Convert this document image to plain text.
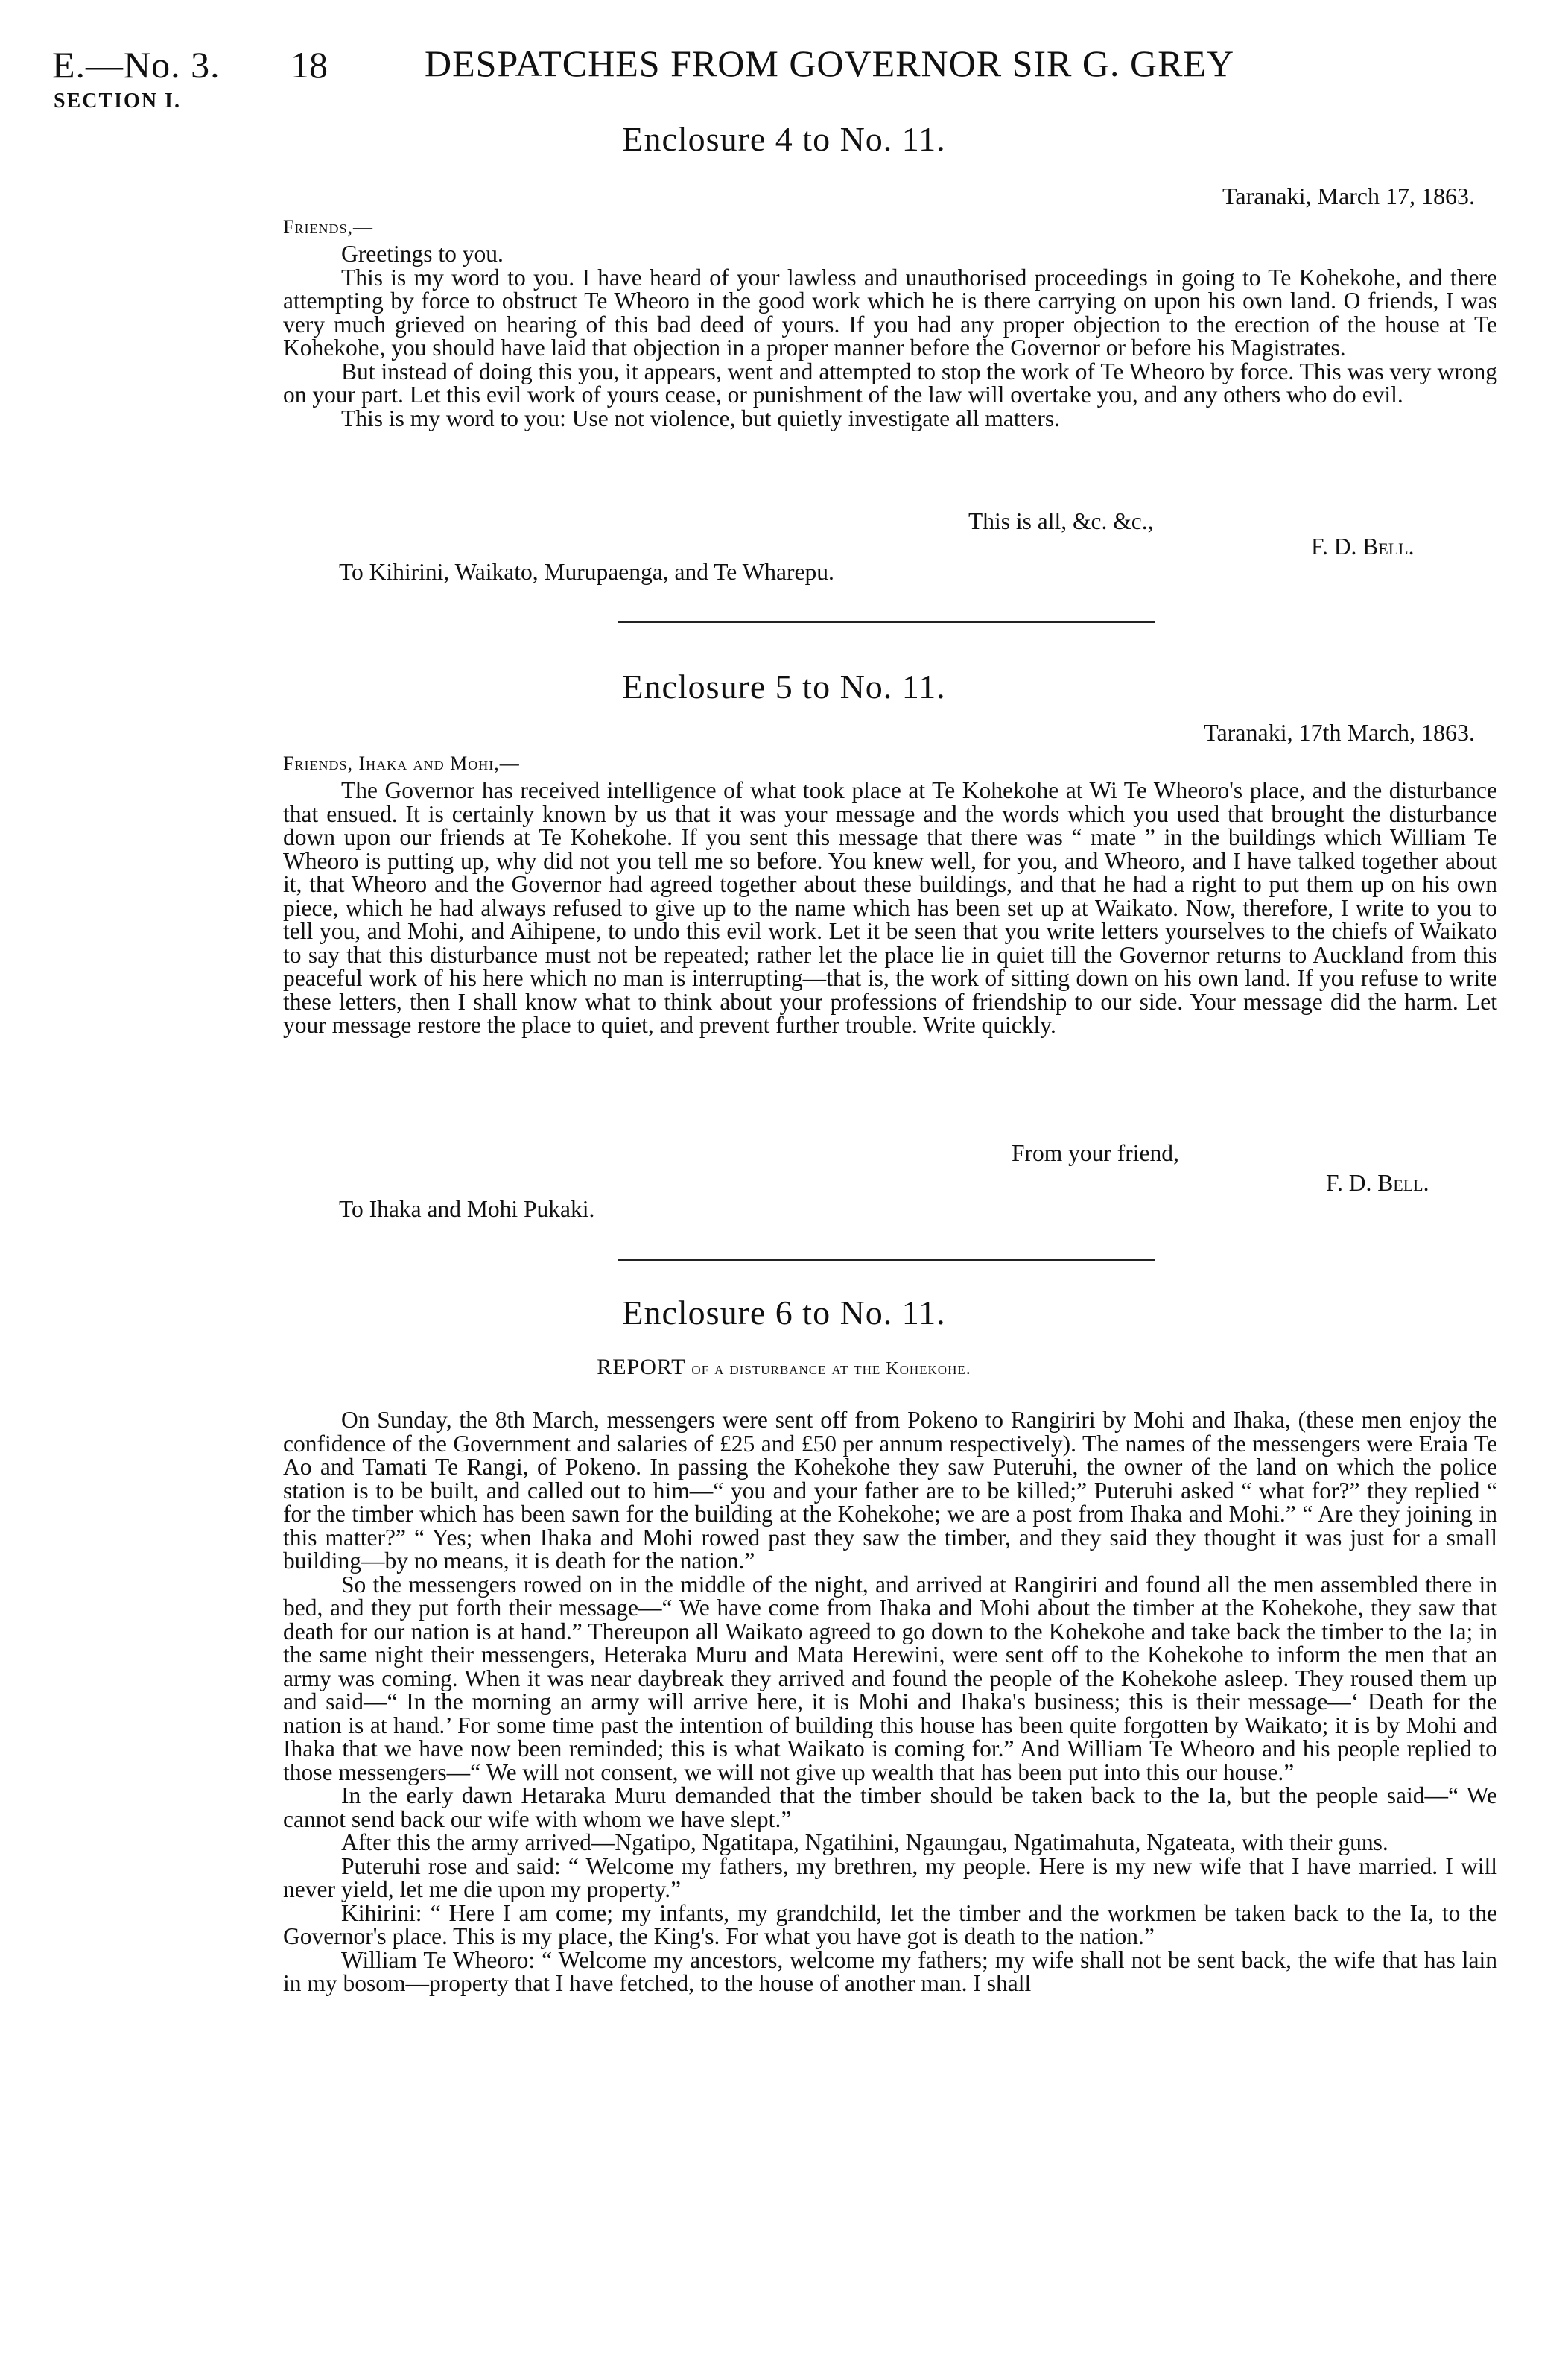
E.—No. 3.
SECTION I.
18	DESPATCHES FROM GOVERNOR SIR G. GREY
Enclosure 4 to No. 11.
Taranaki, March 17, 1863.
Friends,—

Greetings to you.

This is my word to you. I have heard of your lawless and unauthorised proceedings in going to Te Kohekohe, and there attempting by force to obstruct Te Wheoro in the good work which he is there carrying on upon his own land. O friends, I was very much grieved on hearing of this bad deed of yours. If you had any proper objection to the erection of the house at Te Kohekohe, you should have laid that objection in a proper manner before the Governor or before his Magistrates.

But instead of doing this you, it appears, went and attempted to stop the work of Te Wheoro by force. This was very wrong on your part. Let this evil work of yours cease, or punishment of the law will overtake you, and any others who do evil.

This is my word to you: Use not violence, but quietly investigate all matters.

This is all, &c. &c.,
F. D. Bell.
To Kihirini, Waikato, Murupaenga, and Te Wharepu.
Enclosure 5 to No. 11.
Taranaki, 17th March, 1863.
Friends, Ihaka and Mohi,—

The Governor has received intelligence of what took place at Te Kohekohe at Wi Te Wheoro's place, and the disturbance that ensued. It is certainly known by us that it was your message and the words which you used that brought the disturbance down upon our friends at Te Kohekohe. If you sent this message that there was “ mate ” in the buildings which William Te Wheoro is putting up, why did not you tell me so before. You knew well, for you, and Wheoro, and I have talked together about it, that Wheoro and the Governor had agreed together about these buildings, and that he had a right to put them up on his own piece, which he had always refused to give up to the name which has been set up at Waikato. Now, therefore, I write to you to tell you, and Mohi, and Aihipene, to undo this evil work. Let it be seen that you write letters yourselves to the chiefs of Waikato to say that this disturbance must not be repeated; rather let the place lie in quiet till the Governor returns to Auckland from this peaceful work of his here which no man is interrupting—that is, the work of sitting down on his own land. If you refuse to write these letters, then I shall know what to think about your professions of friendship to our side. Your message did the harm. Let your message restore the place to quiet, and prevent further trouble. Write quickly.

From your friend,
F. D. Bell.
To Ihaka and Mohi Pukaki.
Enclosure 6 to No. 11.
REPORT of a disturbance at the Kohekohe.

On Sunday, the 8th March, messengers were sent off from Pokeno to Rangiriri by Mohi and Ihaka, (these men enjoy the confidence of the Government and salaries of £25 and £50 per annum respectively). The names of the messengers were Eraia Te Ao and Tamati Te Rangi, of Pokeno. In passing the Kohekohe they saw Puteruhi, the owner of the land on which the police station is to be built, and called out to him—“ you and your father are to be killed;” Puteruhi asked “ what for?” they replied “ for the timber which has been sawn for the building at the Kohekohe; we are a post from Ihaka and Mohi.” “ Are they joining in this matter?” “ Yes; when Ihaka and Mohi rowed past they saw the timber, and they said they thought it was just for a small building—by no means, it is death for the nation.”

So the messengers rowed on in the middle of the night, and arrived at Rangiriri and found all the men assembled there in bed, and they put forth their message—“ We have come from Ihaka and Mohi about the timber at the Kohekohe, they saw that death for our nation is at hand.” Thereupon all Waikato agreed to go down to the Kohekohe and take back the timber to the Ia; in the same night their messengers, Heteraka Muru and Mata Herewini, were sent off to the Kohekohe to inform the men that an army was coming. When it was near daybreak they arrived and found the people of the Kohekohe asleep. They roused them up and said—“ In the morning an army will arrive here, it is Mohi and Ihaka's business; this is their message—‘ Death for the nation is at hand.’ For some time past the intention of building this house has been quite forgotten by Waikato; it is by Mohi and Ihaka that we have now been reminded; this is what Waikato is coming for.” And William Te Wheoro and his people replied to those messengers—“ We will not consent, we will not give up wealth that has been put into this our house.”

In the early dawn Hetaraka Muru demanded that the timber should be taken back to the Ia, but the people said—“ We cannot send back our wife with whom we have slept.”

After this the army arrived—Ngatipo, Ngatitapa, Ngatihini, Ngaungau, Ngatimahuta, Ngateata, with their guns.

Puteruhi rose and said: “ Welcome my fathers, my brethren, my people. Here is my new wife that I have married. I will never yield, let me die upon my property.”

Kihirini: “ Here I am come; my infants, my grandchild, let the timber and the workmen be taken back to the Ia, to the Governor's place. This is my place, the King's. For what you have got is death to the nation.”

William Te Wheoro: “ Welcome my ancestors, welcome my fathers; my wife shall not be sent back, the wife that has lain in my bosom—property that I have fetched, to the house of another man. I shall
